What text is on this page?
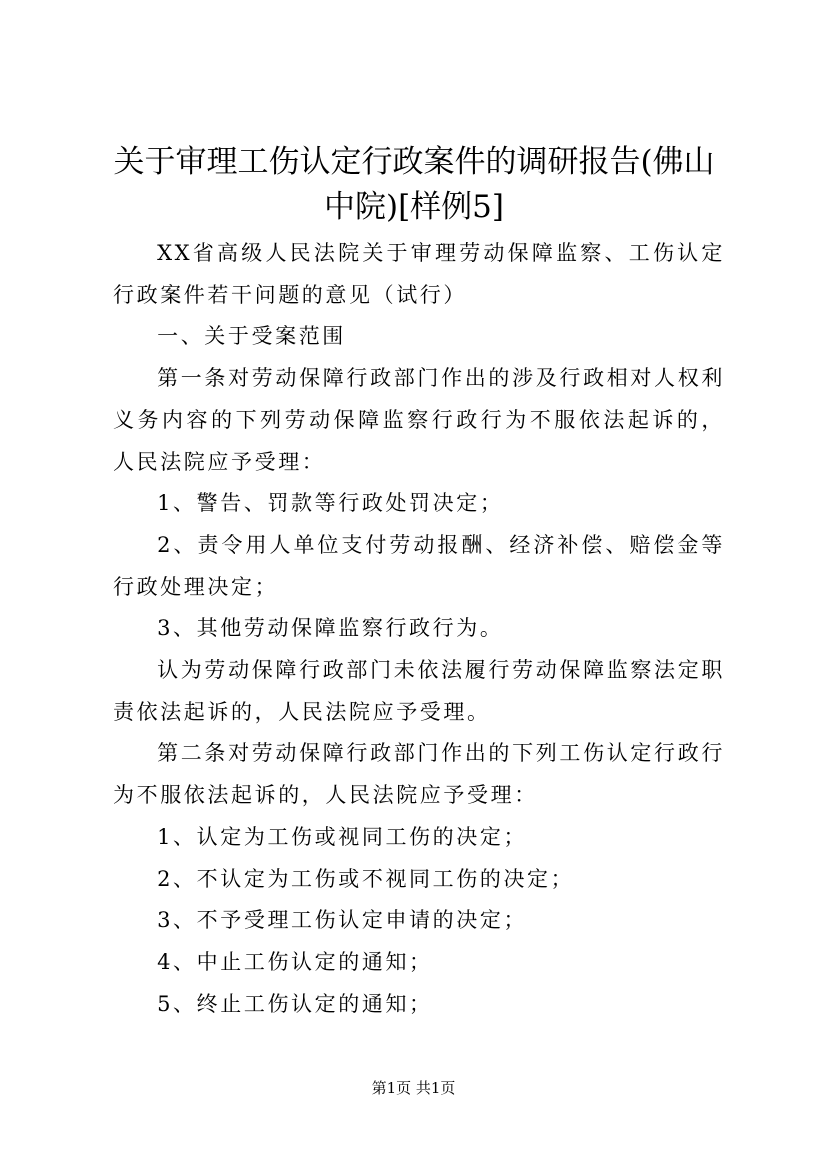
关于审理工伤认定行政案件的调研报告(佛山中院)[样例5]

XX省高级人民法院关于审理劳动保障监察、工伤认定行政案件若干问题的意见（试行）

一、关于受案范围

第一条对劳动保障行政部门作出的涉及行政相对人权利义务内容的下列劳动保障监察行政行为不服依法起诉的，人民法院应予受理：

1、警告、罚款等行政处罚决定；

2、责令用人单位支付劳动报酬、经济补偿、赔偿金等行政处理决定；

3、其他劳动保障监察行政行为。

认为劳动保障行政部门未依法履行劳动保障监察法定职责依法起诉的，人民法院应予受理。

第二条对劳动保障行政部门作出的下列工伤认定行政行为不服依法起诉的，人民法院应予受理：

1、认定为工伤或视同工伤的决定；

2、不认定为工伤或不视同工伤的决定；

3、不予受理工伤认定申请的决定；

4、中止工伤认定的通知；

5、终止工伤认定的通知；

第1页 共1页
